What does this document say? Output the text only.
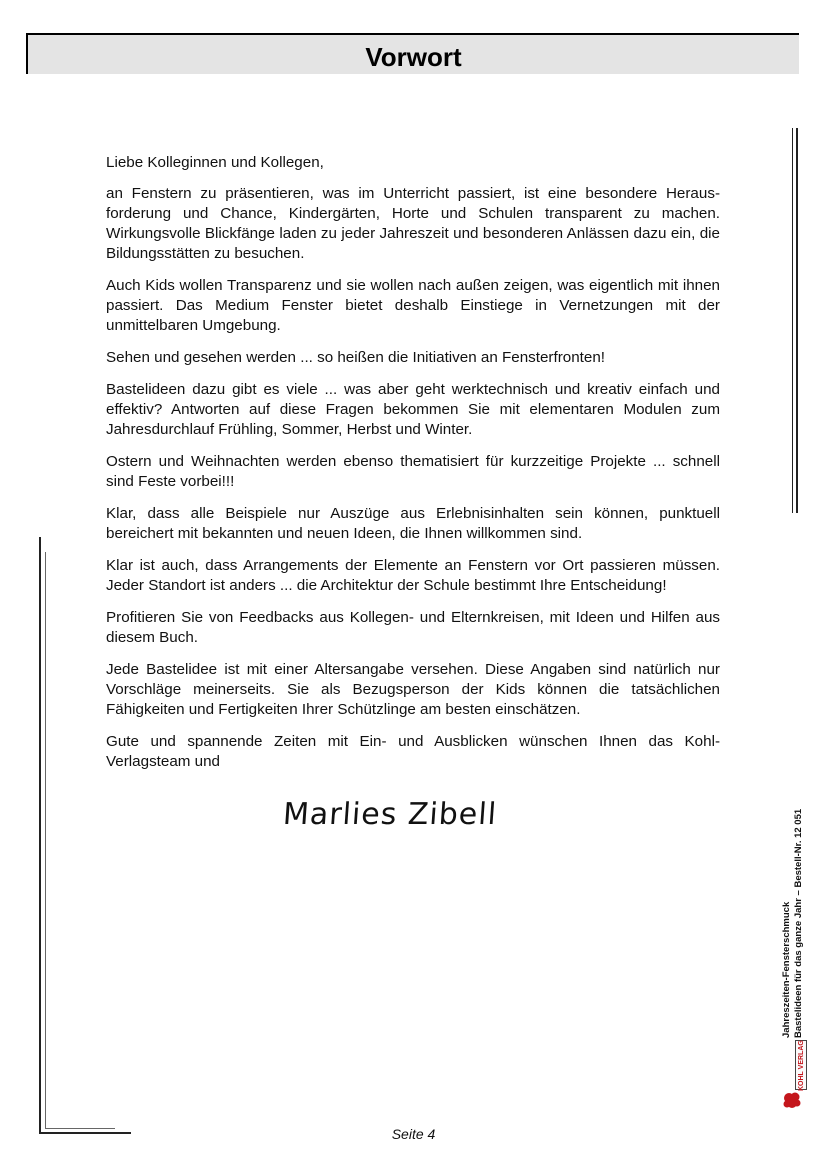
Vorwort

Liebe Kolleginnen und Kollegen,

an Fenstern zu präsentieren, was im Unterricht passiert, ist eine besondere Herausforderung und Chance, Kindergärten, Horte und Schulen transparent zu machen. Wirkungsvolle Blickfänge laden zu jeder Jahreszeit und besonderen Anlässen dazu ein, die Bildungsstätten zu besuchen.

Auch Kids wollen Transparenz und sie wollen nach außen zeigen, was eigentlich mit ihnen passiert. Das Medium Fenster bietet deshalb Einstiege in Vernetzungen mit der unmittelbaren Umgebung.

Sehen und gesehen werden ... so heißen die Initiativen an Fensterfronten!

Bastelideen dazu gibt es viele ... was aber geht werktechnisch und kreativ einfach und effektiv? Antworten auf diese Fragen bekommen Sie mit elementaren Modulen zum Jahresdurchlauf Frühling, Sommer, Herbst und Winter.

Ostern und Weihnachten werden ebenso thematisiert für kurzzeitige Projekte ... schnell sind Feste vorbei!!!

Klar, dass alle Beispiele nur Auszüge aus Erlebnisinhalten sein können, punktuell bereichert mit bekannten und neuen Ideen, die Ihnen willkommen sind.

Klar ist auch, dass Arrangements der Elemente an Fenstern vor Ort passieren müssen. Jeder Standort ist anders ... die Architektur der Schule bestimmt Ihre Entscheidung!

Profitieren Sie von Feedbacks aus Kollegen- und Elternkreisen, mit Ideen und Hilfen aus diesem Buch.

Jede Bastelidee ist mit einer Altersangabe versehen. Diese Angaben sind natürlich nur Vorschläge meinerseits. Sie als Bezugsperson der Kids können die tatsächlichen Fähigkeiten und Fertigkeiten Ihrer Schützlinge am besten einschätzen.

Gute und spannende Zeiten mit Ein- und Ausblicken wünschen Ihnen das Kohl-Verlagsteam und

Marlies Zibell
Jahreszeiten-Fensterschmuck Bastelideen für das ganze Jahr – Bestell-Nr. 12 051
KOHL VERLAG
Seite 4
